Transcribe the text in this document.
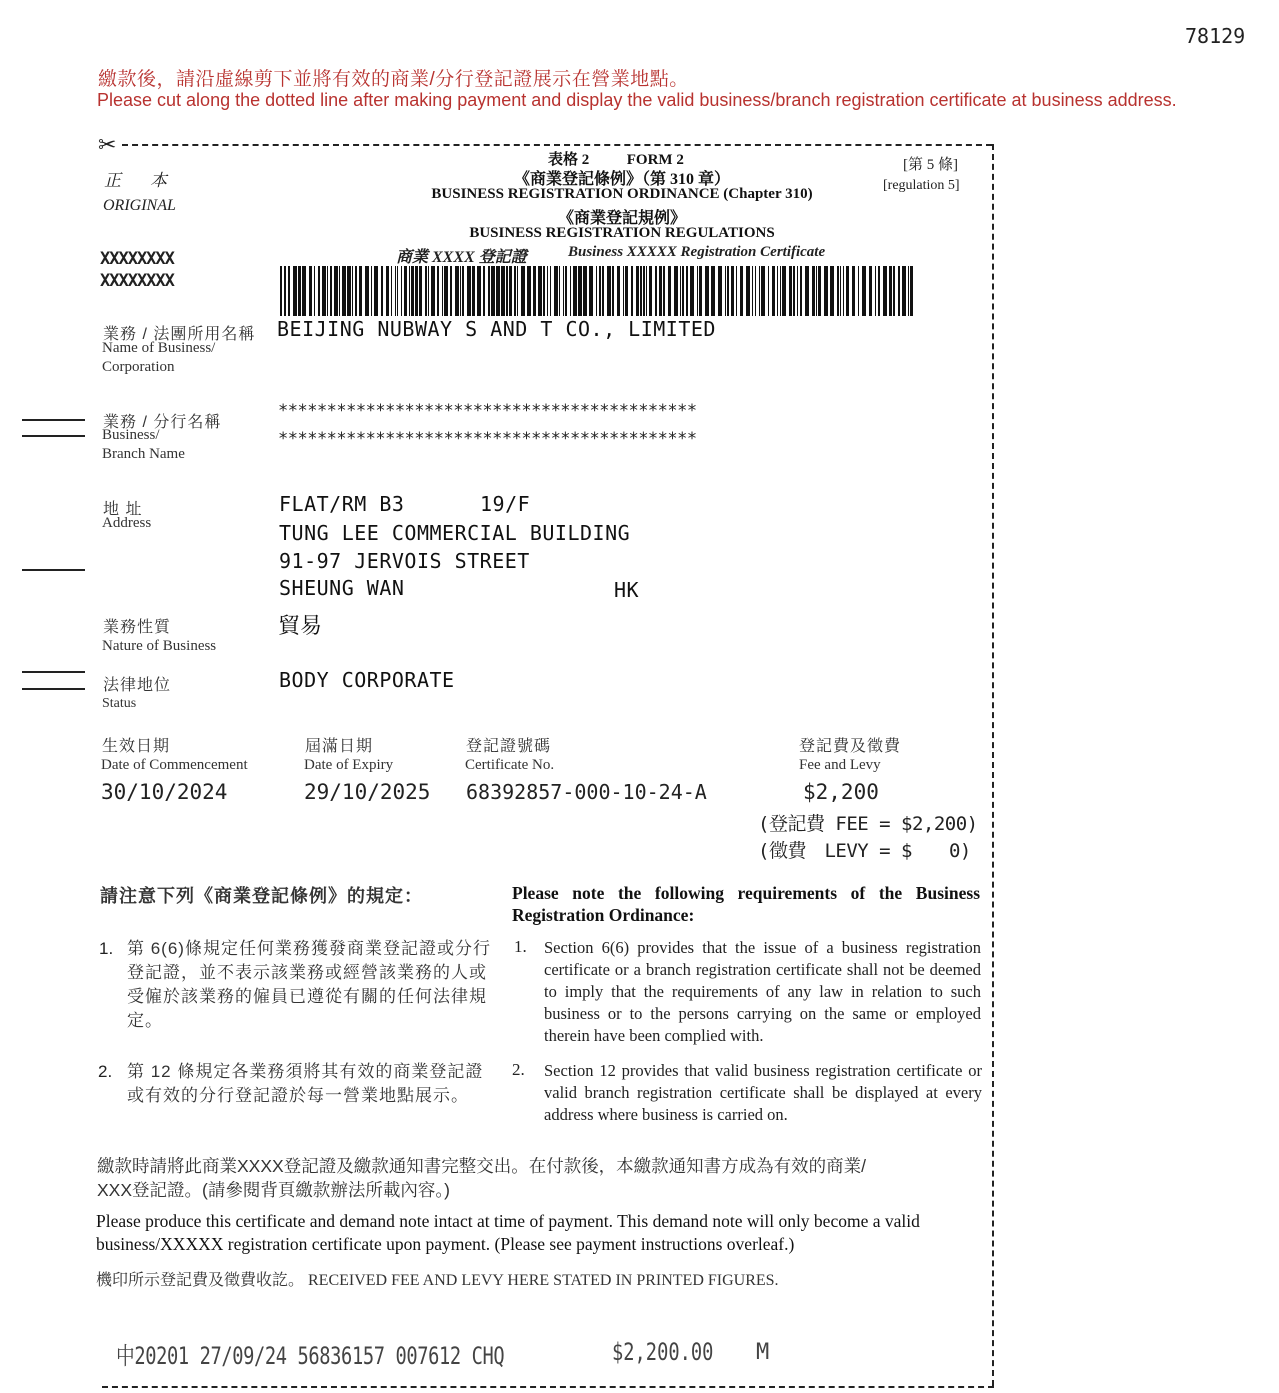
78129
繳款後，請沿虛線剪下並將有效的商業/分行登記證展示在營業地點。
Please cut along the dotted line after making payment and display the valid business/branch registration certificate at business address.
✂
正　本
ORIGINAL
表格 2	FORM 2
《商業登記條例》（第 310 章）
BUSINESS REGISTRATION ORDINANCE (Chapter 310)
《商業登記規例》
BUSINESS REGISTRATION REGULATIONS
商業 XXXX 登記證	Business XXXXX Registration Certificate
[第 5 條]
[regulation 5]
XXXXXXXX
XXXXXXXX
業務 / 法團所用名稱
Name of Business/
Corporation
BEIJING NUBWAY S AND T CO., LIMITED
業務 / 分行名稱
Business/
Branch Name
*******************************************
*******************************************
地 址
Address
FLAT/RM B3	19/F
TUNG LEE COMMERCIAL BUILDING
91-97 JERVOIS STREET
SHEUNG WAN	HK
業務性質
Nature of Business
貿易
法律地位
Status
BODY CORPORATE
生效日期
Date of Commencement
30/10/2024
屆滿日期
Date of Expiry
29/10/2025
登記證號碼
Certificate No.
68392857-000-10-24-A
登記費及徵費
Fee and Levy
$2,200
(登記費 FEE = $2,200)
(徵費　LEVY = $　　0)
請注意下列《商業登記條例》的規定：	Please note the following requirements of the Business Registration Ordinance:
1. 第 6(6)條規定任何業務獲發商業登記證或分行登記證，並不表示該業務或經營該業務的人或受僱於該業務的僱員已遵從有關的任何法律規定。
1. Section 6(6) provides that the issue of a business registration certificate or a branch registration certificate shall not be deemed to imply that the requirements of any law in relation to such business or to the persons carrying on the same or employed therein have been complied with.
2. 第 12 條規定各業務須將其有效的商業登記證或有效的分行登記證於每一營業地點展示。
2. Section 12 provides that valid business registration certificate or valid branch registration certificate shall be displayed at every address where business is carried on.
繳款時請將此商業XXXX登記證及繳款通知書完整交出。在付款後，本繳款通知書方成為有效的商業/
XXX登記證。(請參閱背頁繳款辦法所載內容。)
Please produce this certificate and demand note intact at time of payment. This demand note will only become a valid
business/XXXXX registration certificate upon payment. (Please see payment instructions overleaf.)
機印所示登記費及徵費收訖。 RECEIVED FEE AND LEVY HERE STATED IN PRINTED FIGURES.
中20201 27/09/24 56836157 007612 CHQ	$2,200.00 M
